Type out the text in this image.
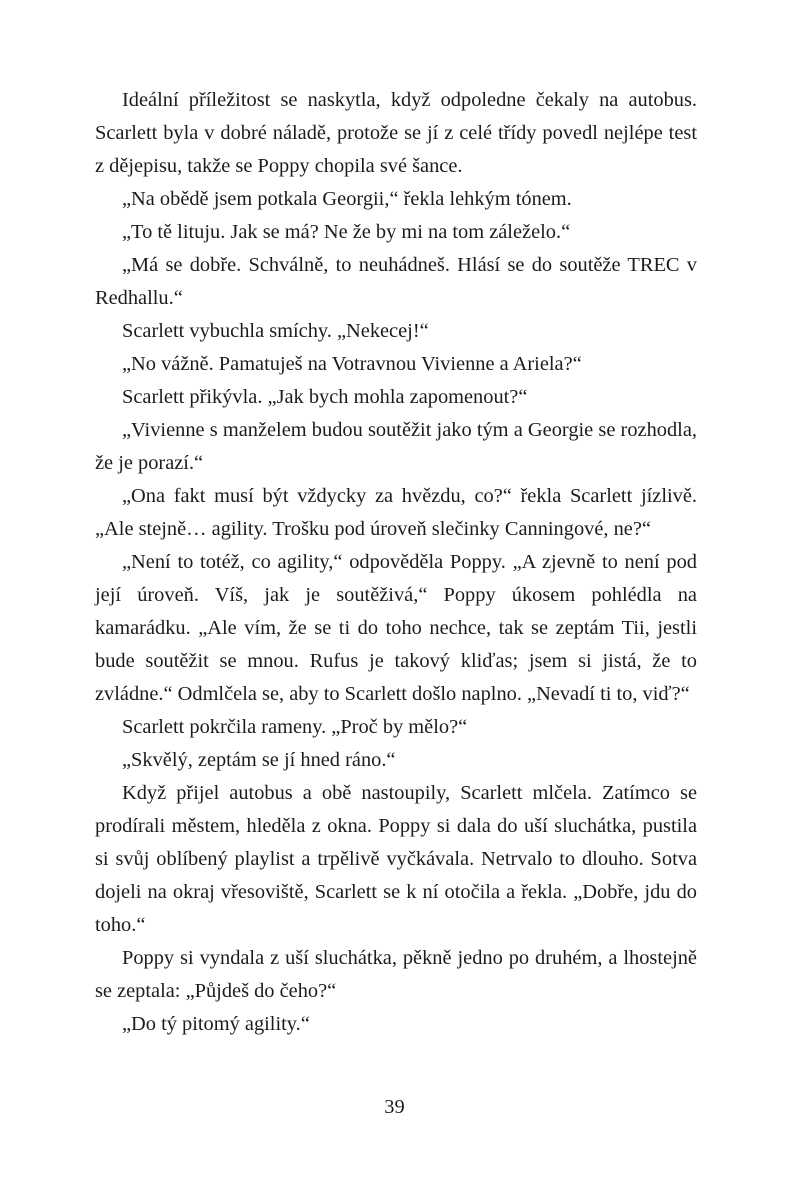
Ideální příležitost se naskytla, když odpoledne čekaly na autobus. Scarlett byla v dobré náladě, protože se jí z celé třídy povedl nejlépe test z dějepisu, takže se Poppy chopila své šance.

„Na obědě jsem potkala Georgii,“ řekla lehkým tónem.

„To tě lituju. Jak se má? Ne že by mi na tom záleželo.“

„Má se dobře. Schválně, to neuhádneš. Hlásí se do soutěže TREC v Redhallu.“

Scarlett vybuchla smíchy. „Nekecej!“

„No vážně. Pamatuješ na Votravnou Vivienne a Ariela?“

Scarlett přikývla. „Jak bych mohla zapomenout?“

„Vivienne s manželem budou soutěžit jako tým a Georgie se rozhodla, že je porazí.“

„Ona fakt musí být vždycky za hvězdu, co?“ řekla Scarlett jízlivě. „Ale stejně… agility. Trošku pod úroveň slečinky Canningové, ne?“

„Není to totéž, co agility,“ odpověděla Poppy. „A zjevně to není pod její úroveň. Víš, jak je soutěživá,“ Poppy úkosem pohlédla na kamarádku. „Ale vím, že se ti do toho nechce, tak se zeptám Tii, jestli bude soutěžit se mnou. Rufus je takový kliďas; jsem si jistá, že to zvládne.“ Odmlčela se, aby to Scarlett došlo naplno. „Nevadí ti to, viď?“

Scarlett pokrčila rameny. „Proč by mělo?“

„Skvělý, zeptám se jí hned ráno.“

Když přijel autobus a obě nastoupily, Scarlett mlčela. Zatímco se prodírali městem, hleděla z okna. Poppy si dala do uší sluchátka, pustila si svůj oblíbený playlist a trpělivě vyčkávala. Netrvalo to dlouho. Sotva dojeli na okraj vřesoviště, Scarlett se k ní otočila a řekla. „Dobře, jdu do toho.“

Poppy si vyndala z uší sluchátka, pěkně jedno po druhém, a lhostejně se zeptala: „Půjdeš do čeho?“

„Do tý pitomý agility.“

39
